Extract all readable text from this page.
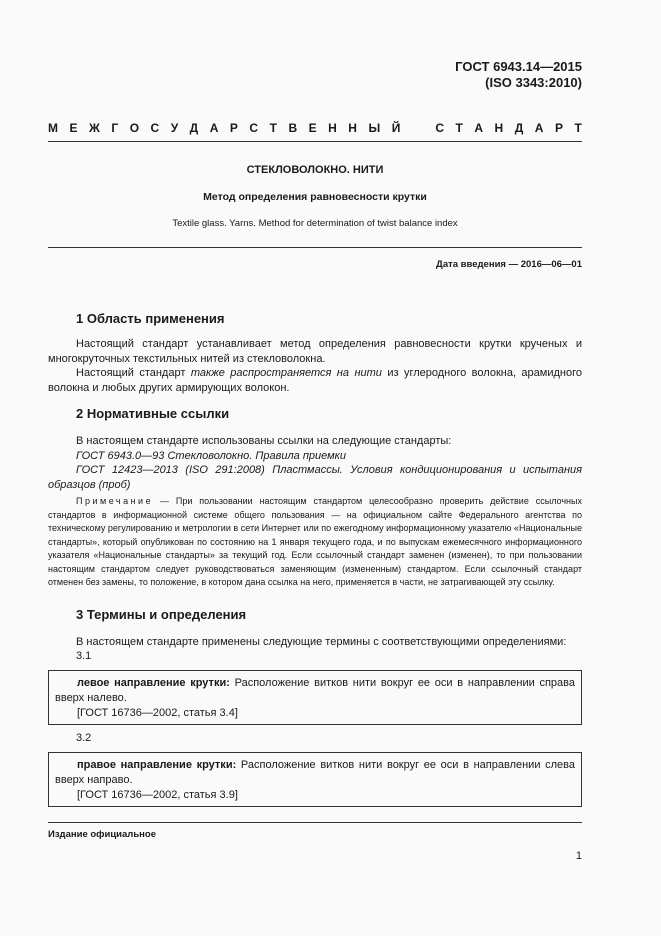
ГОСТ 6943.14—2015
(ISO 3343:2010)
М Е Ж Г О С У Д А Р С Т В Е Н Н Ы Й	С Т А Н Д А Р Т
СТЕКЛОВОЛОКНО. НИТИ
Метод определения равновесности крутки
Textile glass. Yarns. Method for determination of twist balance index
Дата введения — 2016—06—01
1 Область применения
Настоящий стандарт устанавливает метод определения равновесности крутки крученых и многокруточных текстильных нитей из стекловолокна.
Настоящий стандарт также распространяется на нити из углеродного волокна, арамидного волокна и любых других армирующих волокон.
2 Нормативные ссылки
В настоящем стандарте использованы ссылки на следующие стандарты:
ГОСТ 6943.0—93 Стекловолокно. Правила приемки
ГОСТ 12423—2013 (ISO 291:2008) Пластмассы. Условия кондиционирования и испытания образцов (проб)
Примечание — При пользовании настоящим стандартом целесообразно проверить действие ссылочных стандартов в информационной системе общего пользования — на официальном сайте Федерального агентства по техническому регулированию и метрологии в сети Интернет или по ежегодному информационному указателю «Национальные стандарты», который опубликован по состоянию на 1 января текущего года, и по выпускам ежемесячного информационного указателя «Национальные стандарты» за текущий год. Если ссылочный стандарт заменен (изменен), то при пользовании настоящим стандартом следует руководствоваться заменяющим (измененным) стандартом. Если ссылочный стандарт отменен без замены, то положение, в котором дана ссылка на него, применяется в части, не затрагивающей эту ссылку.
3 Термины и определения
В настоящем стандарте применены следующие термины с соответствующими определениями:
3.1
левое направление крутки: Расположение витков нити вокруг ее оси в направлении справа вверх налево.
[ГОСТ 16736—2002, статья 3.4]
3.2
правое направление крутки: Расположение витков нити вокруг ее оси в направлении слева вверх направо.
[ГОСТ 16736—2002, статья 3.9]
Издание официальное
1
